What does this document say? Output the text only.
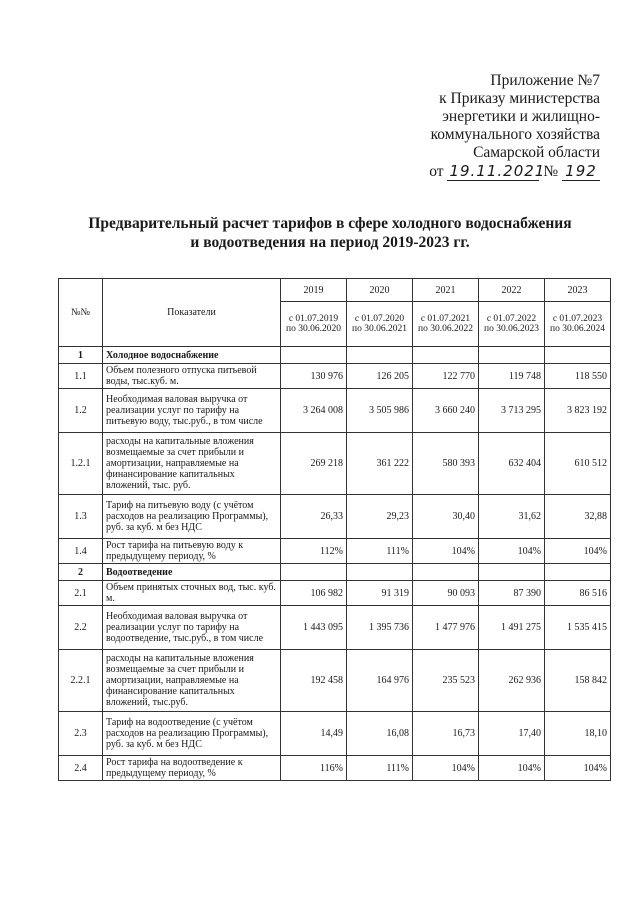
Приложение №7
к Приказу министерства
энергетики и жилищно-
коммунального хозяйства
Самарской области
от 19.11.2021 № 192
Предварительный расчет тарифов в сфере холодного водоснабжения
и водоотведения на период 2019-2023 гг.
№№	Показатели	2019	2020	2021	2022	2023
		с 01.07.2019 по 30.06.2020	с 01.07.2020 по 30.06.2021	с 01.07.2021 по 30.06.2022	с 01.07.2022 по 30.06.2023	с 01.07.2023 по 30.06.2024
1	Холодное водоснабжение					
1.1	Объем полезного отпуска питьевой воды, тыс.куб. м.	130 976	126 205	122 770	119 748	118 550
1.2	Необходимая валовая выручка от реализации услуг по тарифу на питьевую воду, тыс.руб., в том числе	3 264 008	3 505 986	3 660 240	3 713 295	3 823 192
1.2.1	расходы на капитальные вложения возмещаемые за счет прибыли и амортизации, направляемые на финансирование капитальных вложений, тыс. руб.	269 218	361 222	580 393	632 404	610 512
1.3	Тариф на питьевую воду (с учётом расходов на реализацию Программы), руб. за куб. м без НДС	26,33	29,23	30,40	31,62	32,88
1.4	Рост тарифа на питьевую воду к предыдущему периоду, %	112%	111%	104%	104%	104%
2	Водоотведение					
2.1	Объем принятых сточных вод, тыс. куб. м.	106 982	91 319	90 093	87 390	86 516
2.2	Необходимая валовая выручка от реализации услуг по тарифу на водоотведение, тыс.руб., в том числе	1 443 095	1 395 736	1 477 976	1 491 275	1 535 415
2.2.1	расходы на капитальные вложения возмещаемые за счет прибыли и амортизации, направляемые на финансирование капитальных вложений, тыс.руб.	192 458	164 976	235 523	262 936	158 842
2.3	Тариф на водоотведение (с учётом расходов на реализацию Программы), руб. за куб. м без НДС	14,49	16,08	16,73	17,40	18,10
2.4	Рост тарифа на водоотведение к предыдущему периоду, %	116%	111%	104%	104%	104%
